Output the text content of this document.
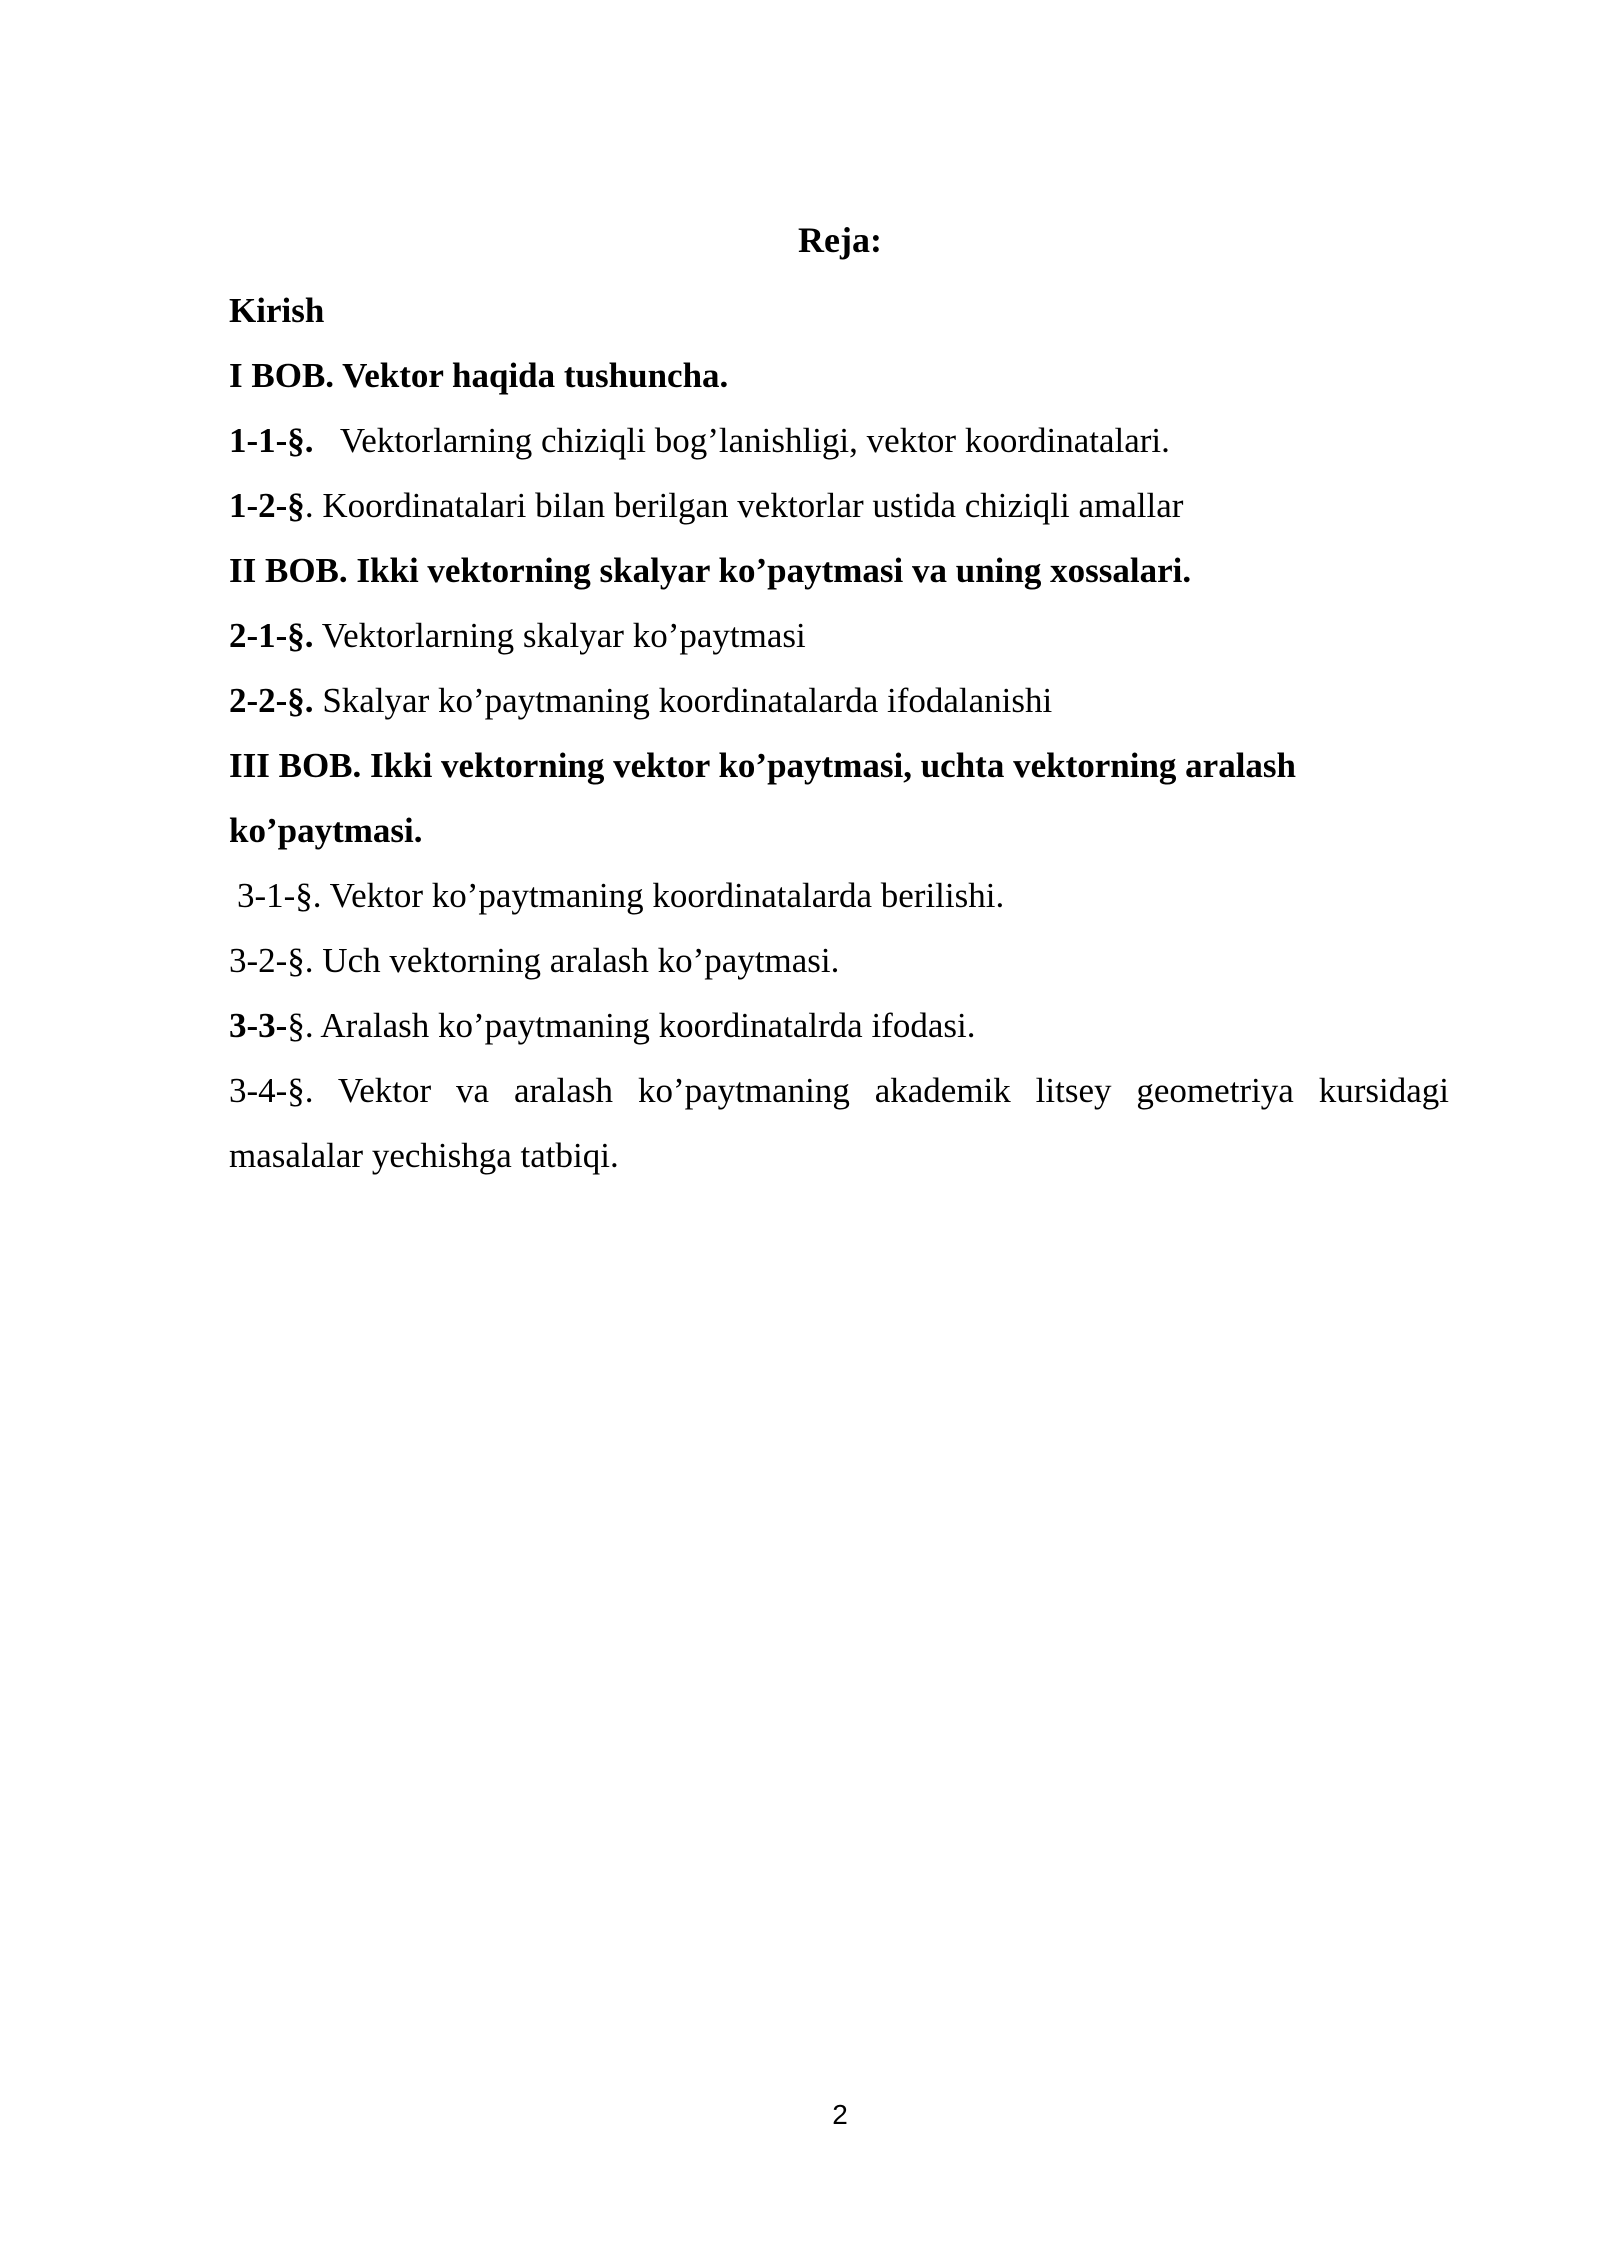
Reja:
Kirish
I BOB. Vektor haqida tushuncha.
1-1-§. Vektorlarning chiziqli bog’lanishligi, vektor koordinatalari.
1-2-§. Koordinatalari bilan berilgan vektorlar ustida chiziqli amallar
II BOB. Ikki vektorning skalyar ko’paytmasi va uning xossalari.
2-1-§. Vektorlarning skalyar ko’paytmasi
2-2-§. Skalyar ko’paytmaning koordinatalarda ifodalanishi
III BOB. Ikki vektorning vektor ko’paytmasi, uchta vektorning aralash
ko’paytmasi.
3-1-§. Vektor ko’paytmaning koordinatalarda berilishi.
3-2-§. Uch vektorning aralash ko’paytmasi.
3-3-§. Aralash ko’paytmaning koordinatalrda ifodasi.
3-4-§. Vektor va aralash ko’paytmaning akademik litsey geometriya kursidagi masalalar yechishga tatbiqi.
2
